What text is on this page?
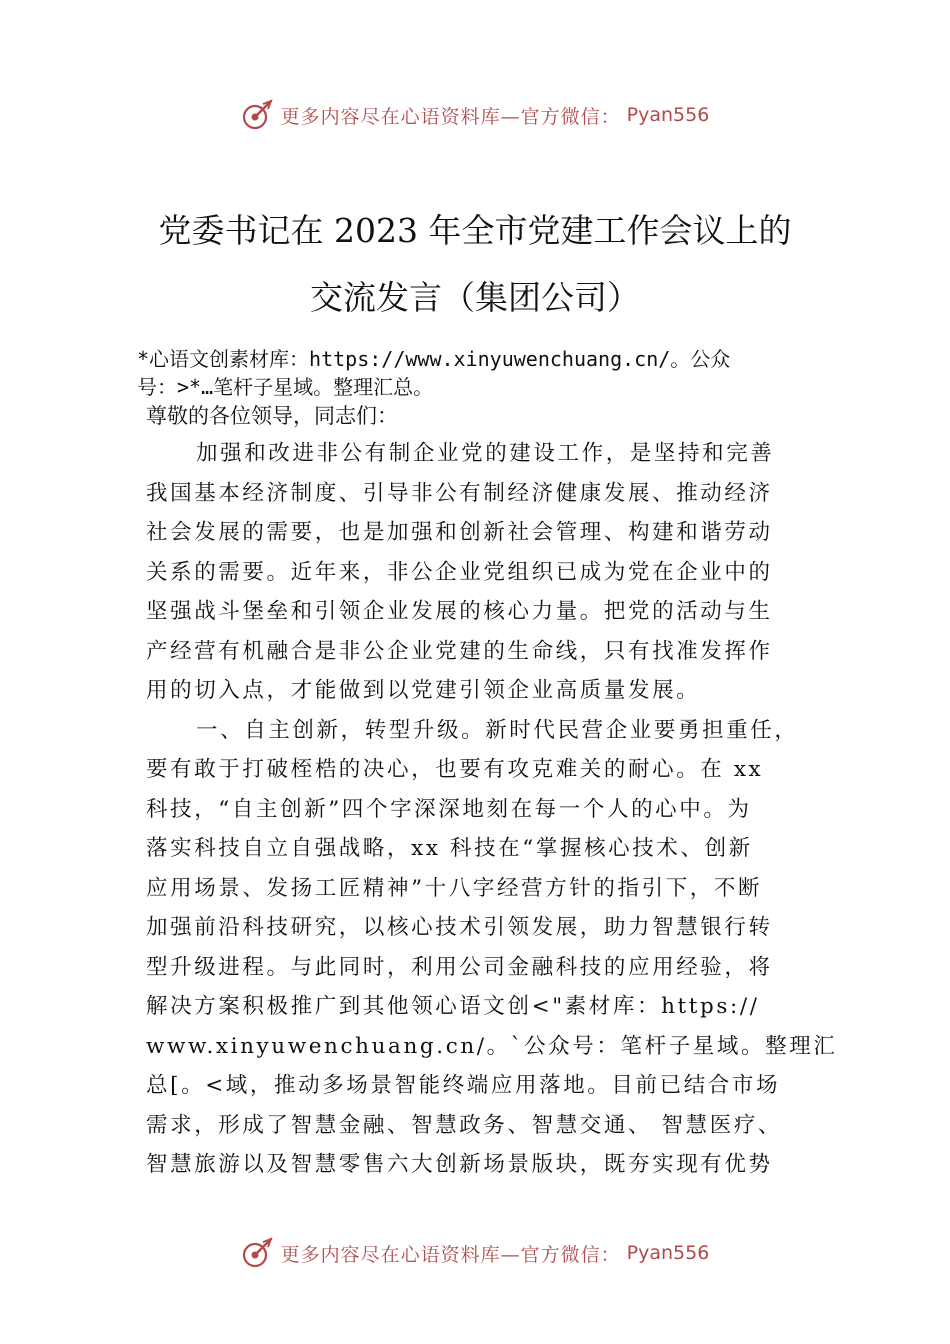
更多内容尽在心语资料库—官方微信： Pyan556
党委书记在 2023 年全市党建工作会议上的
交流发言（集团公司）
*心语文创素材库：https://www.xinyuwenchuang.cn/。公众
号：>*…笔杆子星域。整理汇总。
尊敬的各位领导，同志们：
加强和改进非公有制企业党的建设工作，是坚持和完善
我国基本经济制度、引导非公有制经济健康发展、推动经济
社会发展的需要，也是加强和创新社会管理、构建和谐劳动
关系的需要。近年来，非公企业党组织已成为党在企业中的
坚强战斗堡垒和引领企业发展的核心力量。把党的活动与生
产经营有机融合是非公企业党建的生命线，只有找准发挥作
用的切入点，才能做到以党建引领企业高质量发展。
一、自主创新，转型升级。新时代民营企业要勇担重任，
要有敢于打破桎梏的决心，也要有攻克难关的耐心。在 xx
科技，“自主创新”四个字深深地刻在每一个人的心中。为
落实科技自立自强战略，xx 科技在“掌握核心技术、创新
应用场景、发扬工匠精神”十八字经营方针的指引下，不断
加强前沿科技研究，以核心技术引领发展，助力智慧银行转
型升级进程。与此同时，利用公司金融科技的应用经验，将
解决方案积极推广到其他领心语文创<"素材库：https://
www.xinyuwenchuang.cn/。`公众号：笔杆子星域。整理汇
总[。<域，推动多场景智能终端应用落地。目前已结合市场
需求，形成了智慧金融、智慧政务、智慧交通、 智慧医疗、
智慧旅游以及智慧零售六大创新场景版块，既夯实现有优势
更多内容尽在心语资料库—官方微信： Pyan556
